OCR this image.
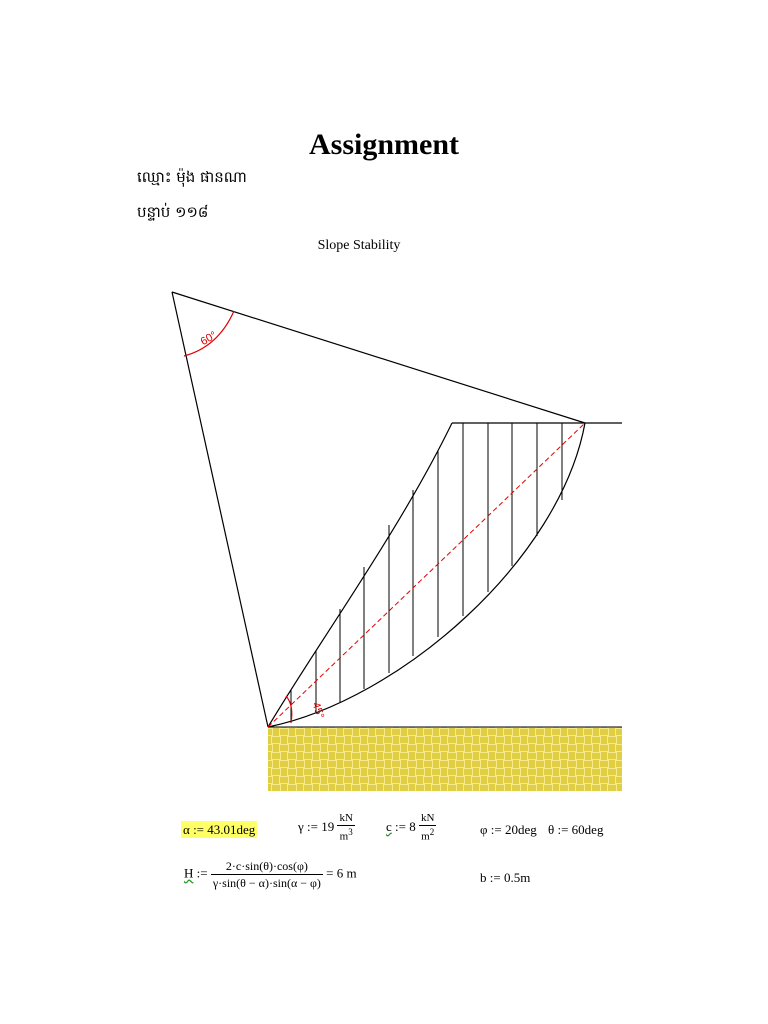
Assignment
ឈ្មោះ ម៉ុង ផានណា
បន្ទាប់ ១១៨
Slope Stability
60°
45°
α := 43.01deg	γ := $19 \frac{kN}{m^3}$ c := $8 \frac{kN}{m^2}$	φ := 20deg θ := 60deg
H := $\frac{2\cdot c\cdot\sin(\theta)\cdot\cos(\varphi)}{\gamma\cdot\sin(\theta - \alpha)\cdot\sin(\alpha - \varphi)} = 6$ m	b := 0.5m
